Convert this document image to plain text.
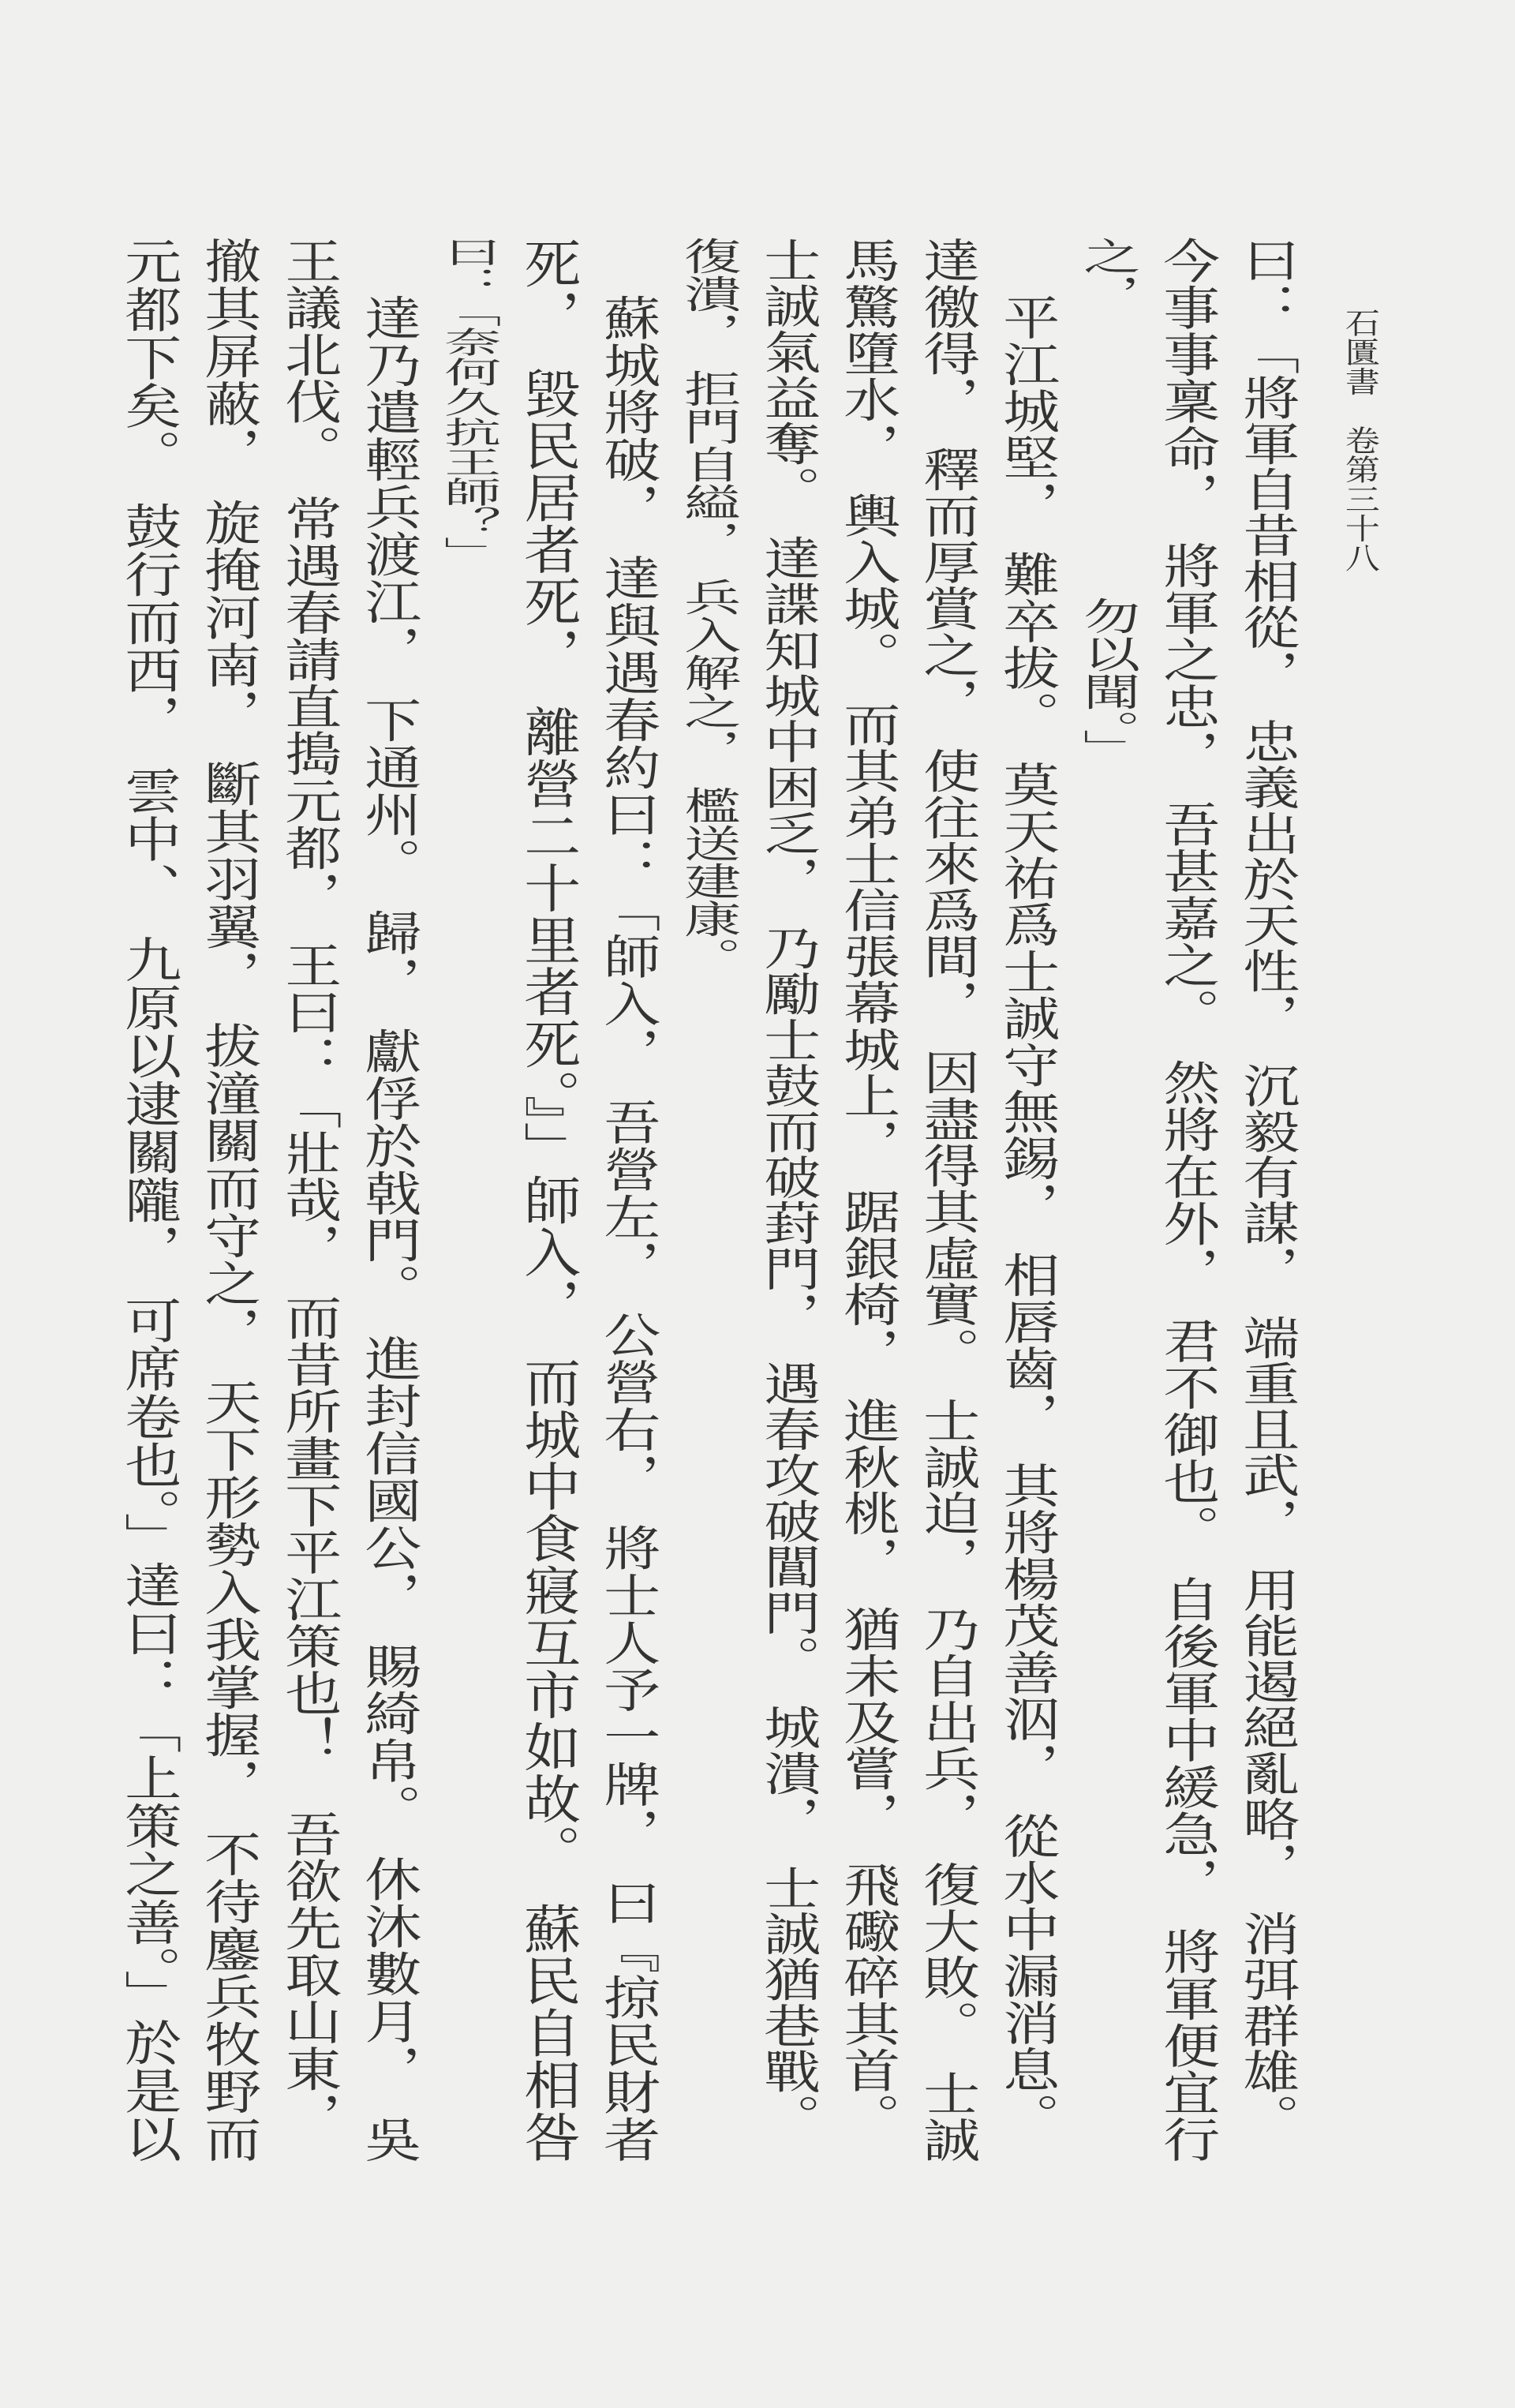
石匱書　卷第三十八
曰：「將軍自昔相從，　忠義出於天性，　沉毅有謀，　端重且武，　用能遏絕亂略，　消弭群雄。　
今事事稟命，　將軍之忠，　吾甚嘉之。　然將在外，　君不御也。　自後軍中緩急，　將軍便宜行
之，　　　　　　　　勿以聞。」
平江城堅，　難卒拔。　莫天祐爲士誠守無錫，　相唇齒，　其將楊茂善泅，　從水中漏消息。　
達徼得，　釋而厚賞之，　使往來爲間，　因盡得其虛實。　士誠迫，　乃自出兵，　復大敗。　士誠
馬驚墮水，　輿入城。　而其弟士信張幕城上，　踞銀椅，　進秋桃，　猶未及嘗，　飛礮碎其首。　
士誠氣益奪。　達諜知城中困乏，　乃勵士鼓而破葑門，　遇春攻破閶門。　城潰，　士誠猶巷戰。　
復潰，　拒門自縊，　兵入解之，　檻送建康。　
蘇城將破，　達與遇春約曰：「師入，　吾營左，　公營右，　將士人予一牌，　曰『掠民財者
死，　毀民居者死，　離營二十里者死。』」師入，　而城中食寢互市如故。　蘇民自相咎
曰：「奈何久抗王師？」
達乃遣輕兵渡江，　下通州。　歸，　獻俘於戟門。　進封信國公，　賜綺帛。　休沐數月，　吳
王議北伐。　常遇春請直搗元都，　王曰：「壯哉，　而昔所畫下平江策也！　吾欲先取山東，　
撤其屏蔽，　旋掩河南，　斷其羽翼，　拔潼關而守之，　天下形勢入我掌握，　不待鏖兵牧野而
元都下矣。　鼓行而西，　雲中、　九原以逮關隴，　可席卷也。」達曰：「上策之善。」於是以
